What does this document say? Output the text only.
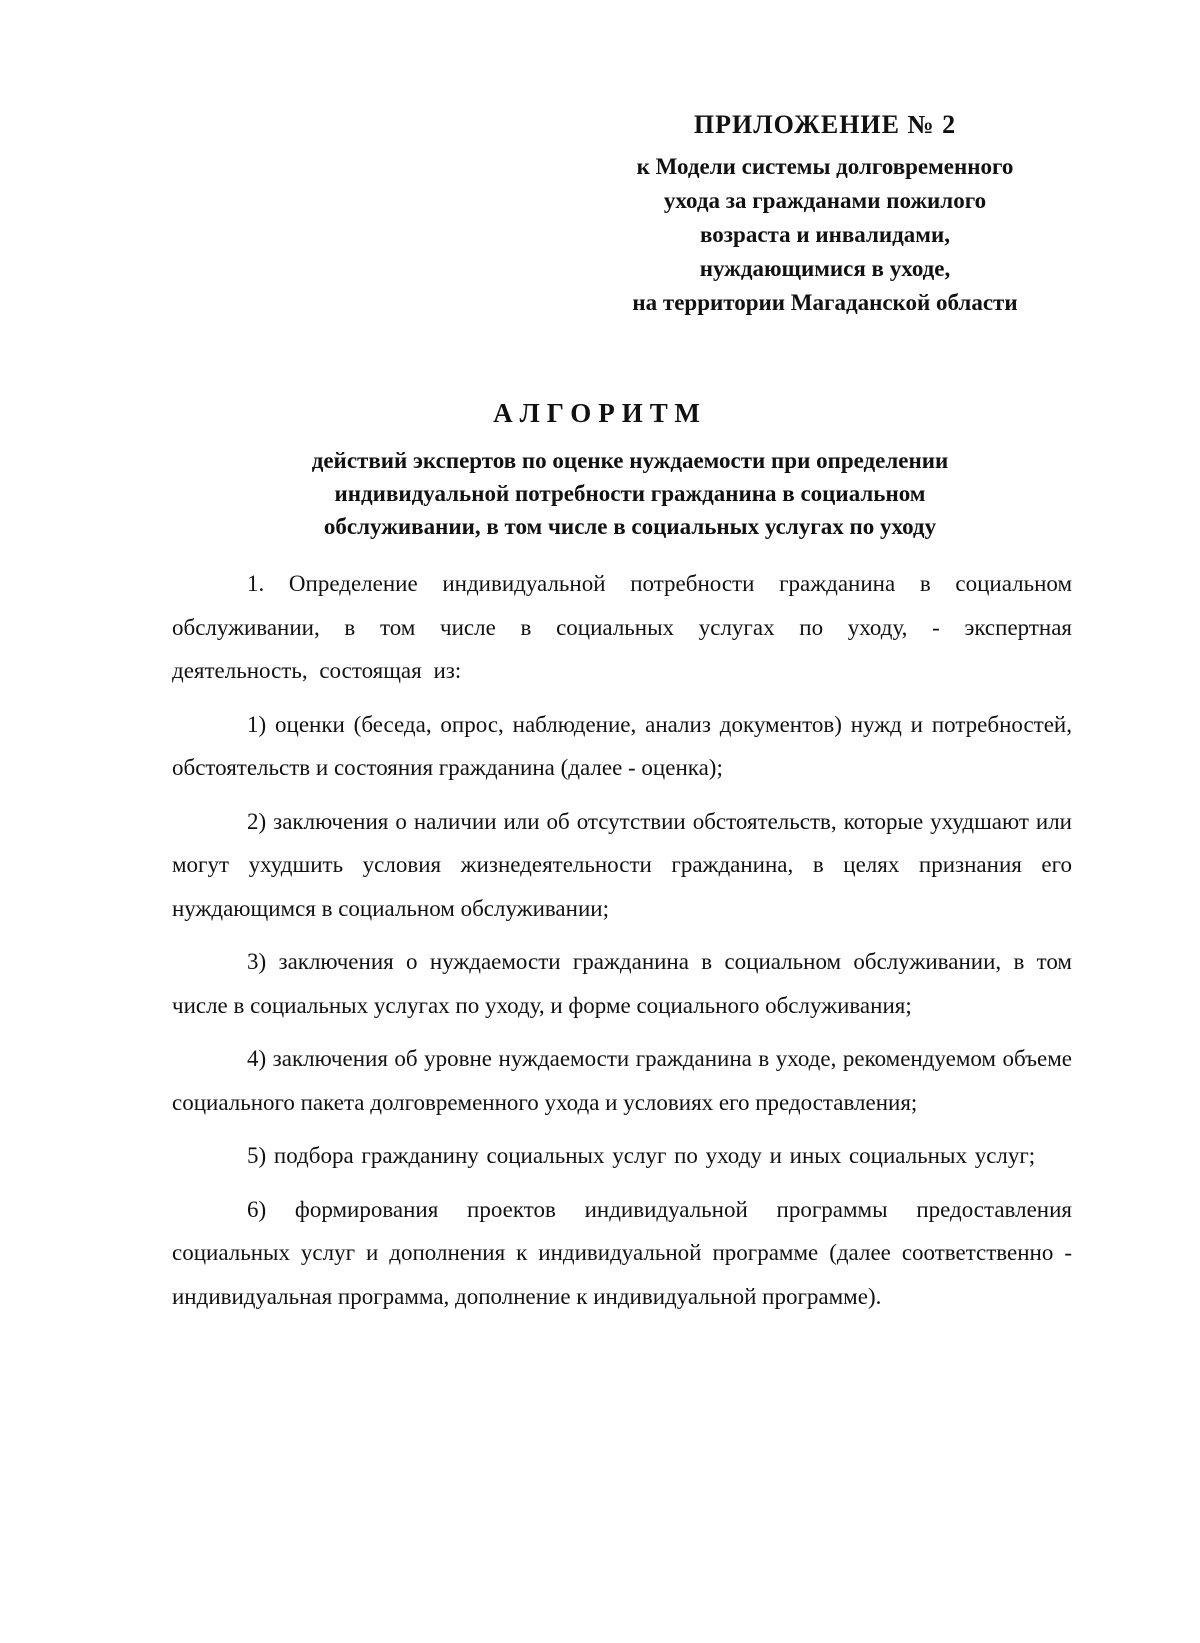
ПРИЛОЖЕНИЕ № 2
к Модели системы долговременного
ухода за гражданами пожилого
возраста и инвалидами,
нуждающимися в уходе,
на территории Магаданской области
АЛГОРИТМ
действий экспертов по оценке нуждаемости при определении
индивидуальной потребности гражданина в социальном
обслуживании, в том числе в социальных услугах по уходу

1. Определение индивидуальной потребности гражданина в социальном обслуживании, в том числе в социальных услугах по уходу, - экспертная деятельность, состоящая из:

1) оценки (беседа, опрос, наблюдение, анализ документов) нужд и потребностей, обстоятельств и состояния гражданина (далее - оценка);

2) заключения о наличии или об отсутствии обстоятельств, которые ухудшают или могут ухудшить условия жизнедеятельности гражданина, в целях признания его нуждающимся в социальном обслуживании;

3) заключения о нуждаемости гражданина в социальном обслуживании, в том числе в социальных услугах по уходу, и форме социального обслуживания;

4) заключения об уровне нуждаемости гражданина в уходе, рекомендуемом объеме социального пакета долговременного ухода и условиях его предоставления;

5) подбора гражданину социальных услуг по уходу и иных социальных услуг;

6) формирования проектов индивидуальной программы предоставления социальных услуг и дополнения к индивидуальной программе (далее соответственно - индивидуальная программа, дополнение к индивидуальной программе).
